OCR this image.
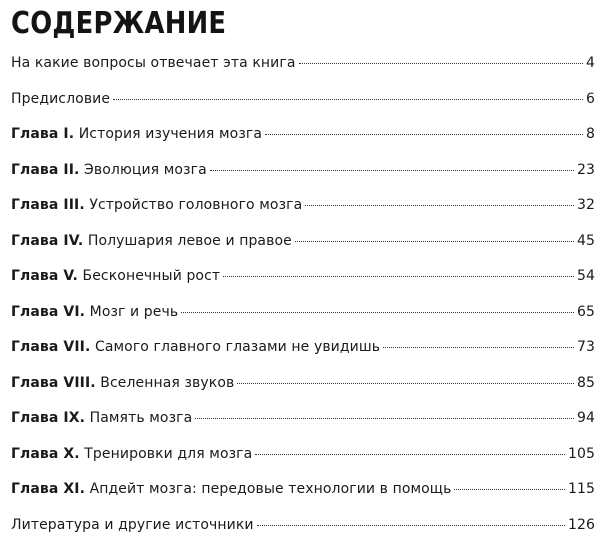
СОДЕРЖАНИЕ
На какие вопросы отвечает эта книга	4
Предисловие	6
Глава I. История изучения мозга	8
Глава II. Эволюция мозга	23
Глава III. Устройство головного мозга	32
Глава IV. Полушария левое и правое	45
Глава V. Бесконечный рост	54
Глава VI. Мозг и речь	65
Глава VII. Самого главного глазами не увидишь	73
Глава VIII. Вселенная звуков	85
Глава IX. Память мозга	94
Глава X. Тренировки для мозга	105
Глава XI. Апдейт мозга: передовые технологии в помощь	115
Литература и другие источники	126
